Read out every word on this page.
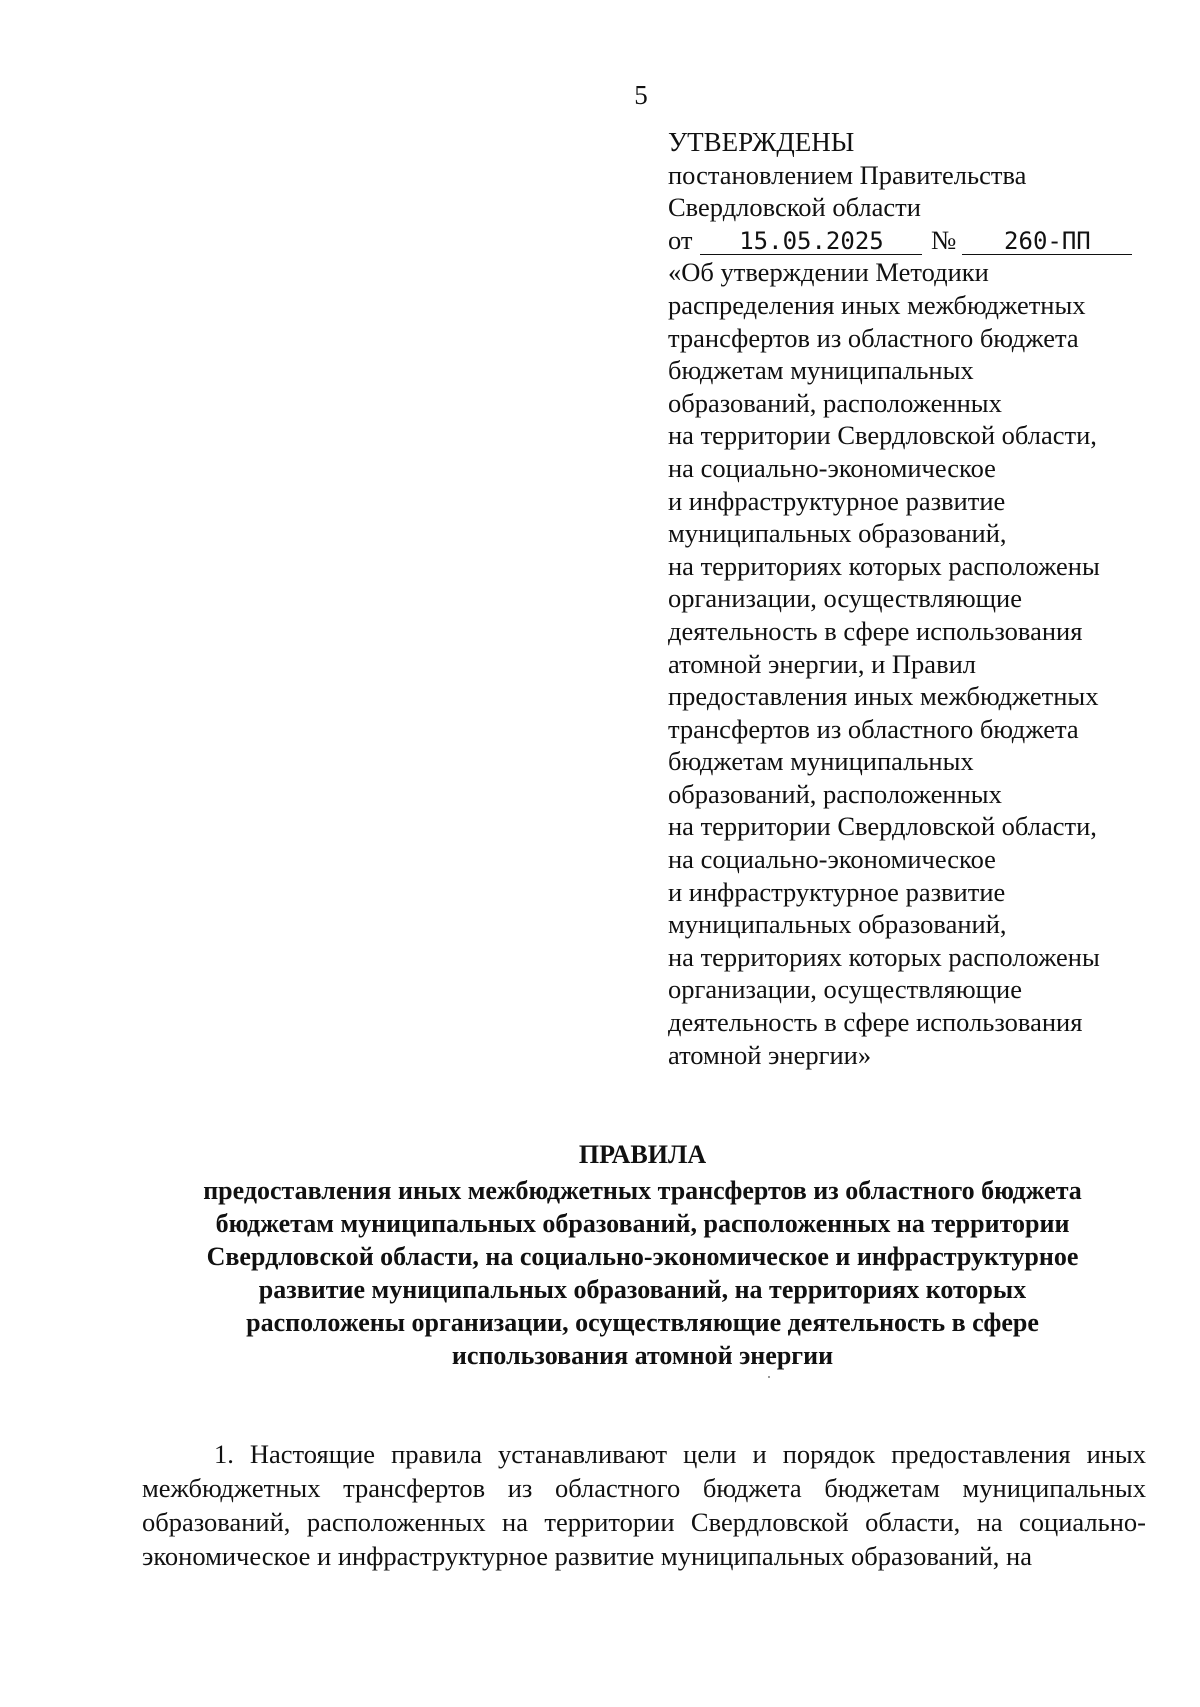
5
УТВЕРЖДЕНЫ
постановлением Правительства
Свердловской области
от 15.05.2025 № 260-ПП
«Об утверждении Методики
распределения иных межбюджетных
трансфертов из областного бюджета
бюджетам муниципальных
образований, расположенных
на территории Свердловской области,
на социально-экономическое
и инфраструктурное развитие
муниципальных образований,
на территориях которых расположены
организации, осуществляющие
деятельность в сфере использования
атомной энергии, и Правил
предоставления иных межбюджетных
трансфертов из областного бюджета
бюджетам муниципальных
образований, расположенных
на территории Свердловской области,
на социально-экономическое
и инфраструктурное развитие
муниципальных образований,
на территориях которых расположены
организации, осуществляющие
деятельность в сфере использования
атомной энергии»
ПРАВИЛА
предоставления иных межбюджетных трансфертов из областного бюджета
бюджетам муниципальных образований, расположенных на территории
Свердловской области, на социально-экономическое и инфраструктурное
развитие муниципальных образований, на территориях которых
расположены организации, осуществляющие деятельность в сфере
использования атомной энергии

1. Настоящие правила устанавливают цели и порядок предоставления иных межбюджетных трансфертов из областного бюджета бюджетам муниципальных образований, расположенных на территории Свердловской области, на социально-экономическое и инфраструктурное развитие муниципальных образований, на
